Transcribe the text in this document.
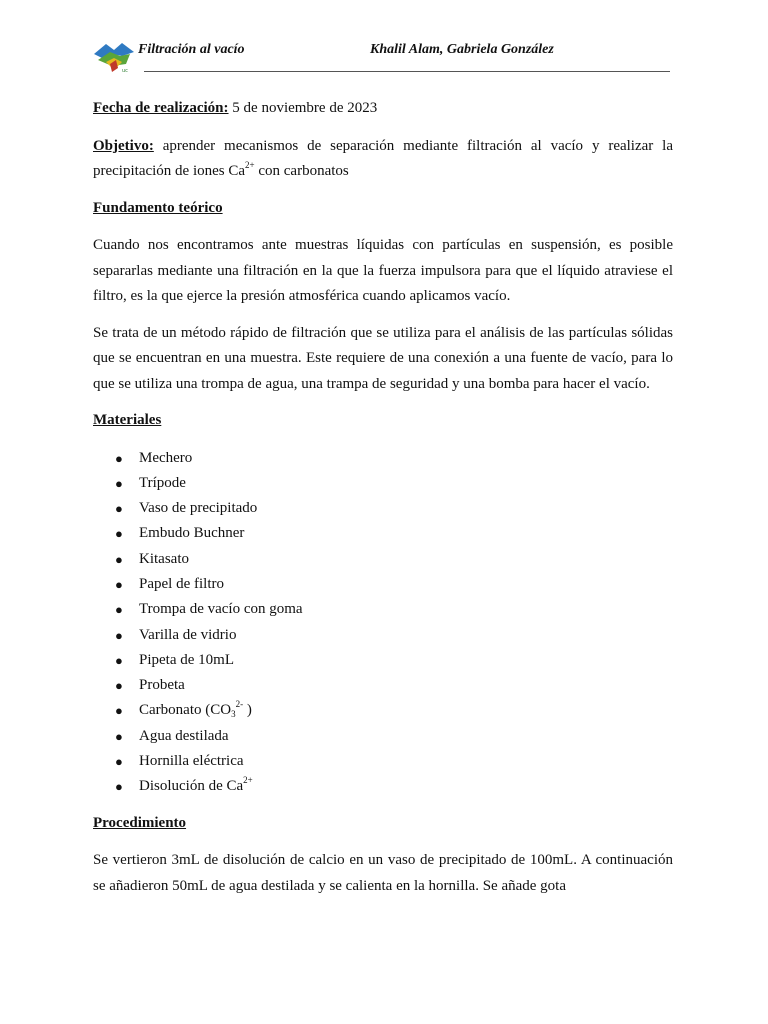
uc
Filtración al vacío	Khalil Alam, Gabriela González

Fecha de realización: 5 de noviembre de 2023

Objetivo: aprender mecanismos de separación mediante filtración al vacío y realizar la precipitación de iones $Ca^{2+}$ con carbonatos

Fundamento teórico

Cuando nos encontramos ante muestras líquidas con partículas en suspensión, es posible separarlas mediante una filtración en la que la fuerza impulsora para que el líquido atraviese el filtro, es la que ejerce la presión atmosférica cuando aplicamos vacío.

Se trata de un método rápido de filtración que se utiliza para el análisis de las partículas sólidas que se encuentran en una muestra. Este requiere de una conexión a una fuente de vacío, para lo que se utiliza una trompa de agua, una trampa de seguridad y una bomba para hacer el vacío.

Materiales

● Mechero
● Trípode
● Vaso de precipitado
● Embudo Buchner
● Kitasato
● Papel de filtro
● Trompa de vacío con goma
● Varilla de vidrio
● Pipeta de 10mL
● Probeta
● Carbonato ($CO_3^{2-}$ )
● Agua destilada
● Hornilla eléctrica
● Disolución de $Ca^{2+}$

Procedimiento

Se vertieron 3mL de disolución de calcio en un vaso de precipitado de 100mL. A continuación se añadieron 50mL de agua destilada y se calienta en la hornilla. Se añade gota
